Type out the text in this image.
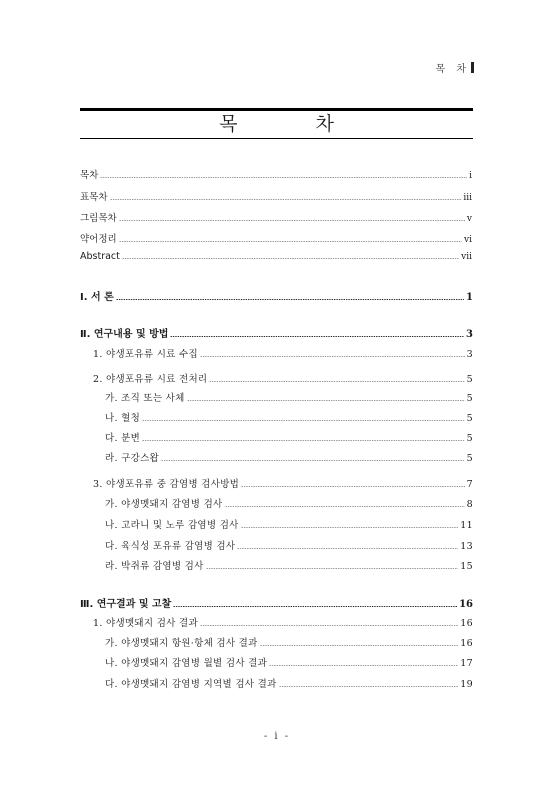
목 차
목 차
목차	i
표목차	iii
그림목차	v
약어정리	vi
Abstract	vii
Ⅰ. 서 론	1
Ⅱ. 연구내용 및 방법	3
1. 야생포유류 시료 수집	3
2. 야생포유류 시료 전처리	5
가. 조직 또는 사체	5
나. 혈청	5
다. 분변	5
라. 구강스왑	5
3. 야생포유류 중 감염병 검사방법	7
가. 야생멧돼지 감염병 검사	8
나. 고라니 및 노루 감염병 검사	11
다. 육식성 포유류 감염병 검사	13
라. 박쥐류 감염병 검사	15
Ⅲ. 연구결과 및 고찰	16
1. 야생멧돼지 검사 결과	16
가. 야생멧돼지 항원·항체 검사 결과	16
나. 야생멧돼지 감염병 월별 검사 결과	17
다. 야생멧돼지 감염병 지역별 검사 결과	19
- i -
